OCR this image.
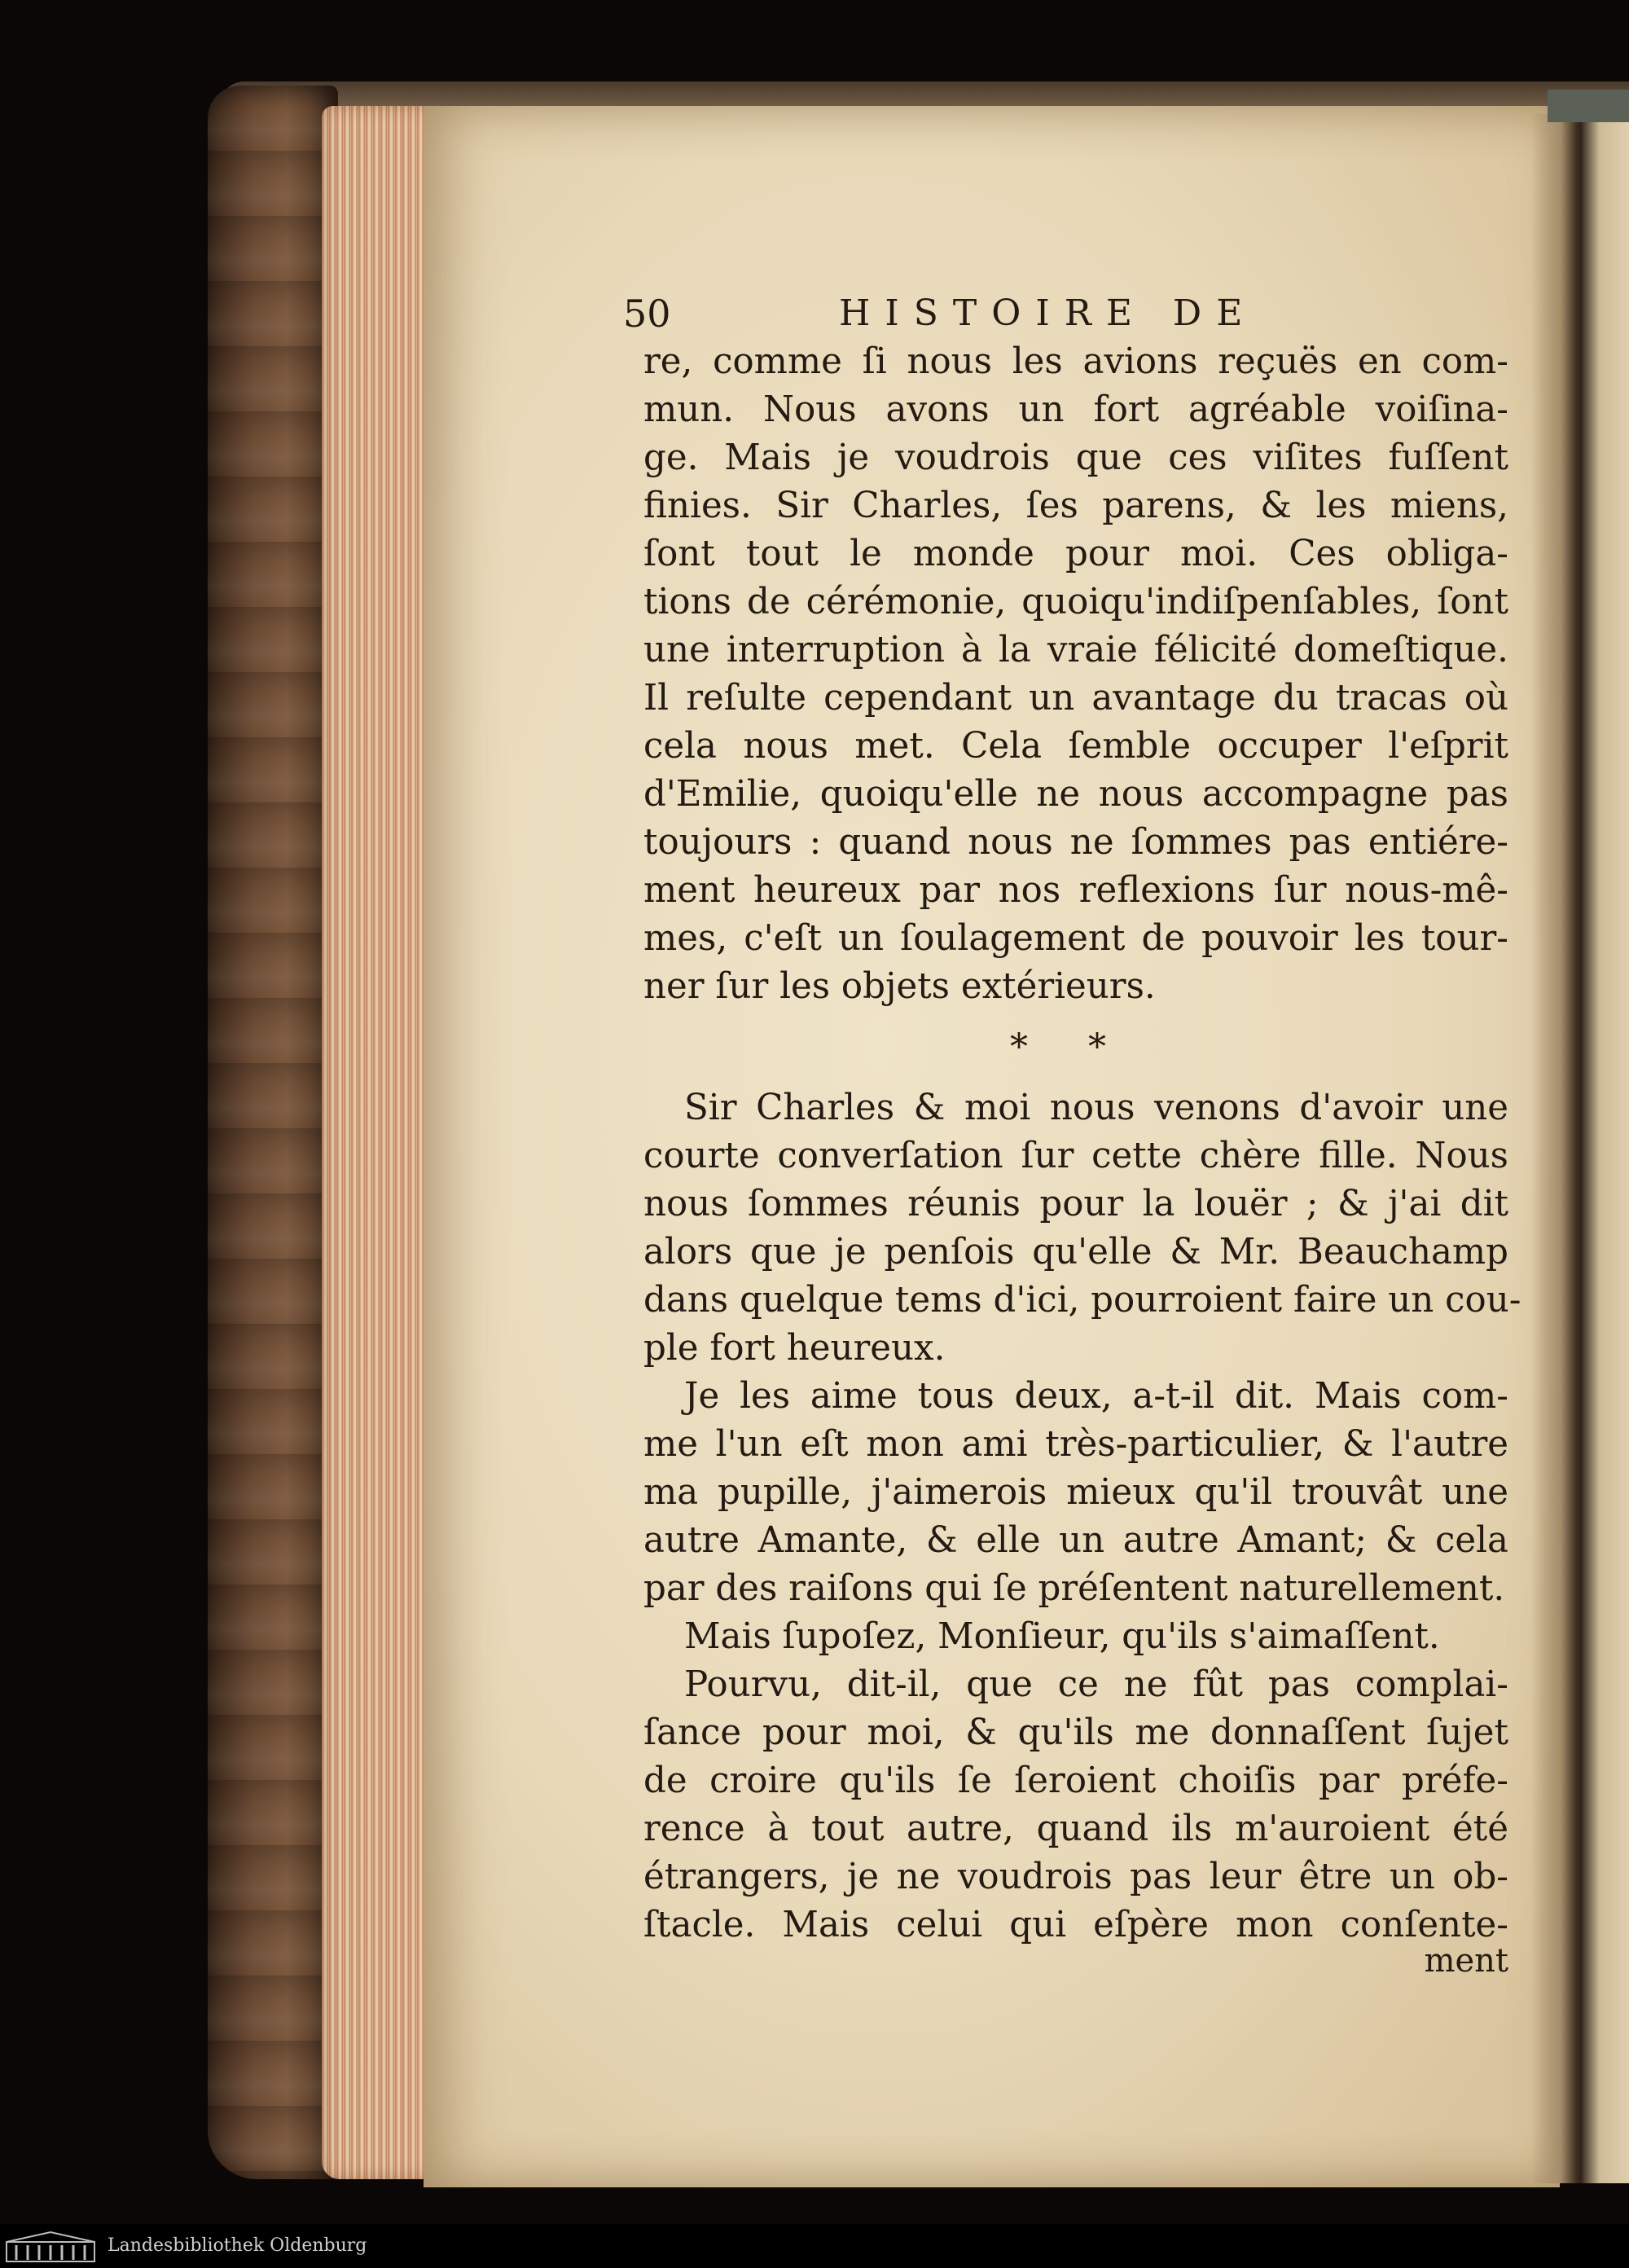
50	HISTOIRE DE
re, comme ſi nous les avions reçuës en com-
mun. Nous avons un fort agréable voiſina-
ge. Mais je voudrois que ces viſites fuſſent
finies. Sir Charles, ſes parens, & les miens,
ſont tout le monde pour moi. Ces obliga-
tions de cérémonie, quoiqu'indiſpenſables, ſont
une interruption à la vraie félicité domeſtique.
Il reſulte cependant un avantage du tracas où
cela nous met. Cela ſemble occuper l'eſprit
d'Emilie, quoiqu'elle ne nous accompagne pas
toujours : quand nous ne ſommes pas entiére-
ment heureux par nos reflexions ſur nous-mê-
mes, c'eſt un ſoulagement de pouvoir les tour-
ner ſur les objets extérieurs.
* *
Sir Charles & moi nous venons d'avoir une
courte converſation ſur cette chère fille. Nous
nous ſommes réunis pour la louër ; & j'ai dit
alors que je penſois qu'elle & Mr. Beauchamp
dans quelque tems d'ici, pourroient faire un cou-
ple fort heureux.
Je les aime tous deux, a-t-il dit. Mais com-
me l'un eſt mon ami très-particulier, & l'autre
ma pupille, j'aimerois mieux qu'il trouvât une
autre Amante, & elle un autre Amant; & cela
par des raiſons qui ſe préſentent naturellement.
Mais ſupoſez, Monſieur, qu'ils s'aimaſſent.
Pourvu, dit-il, que ce ne fût pas complai-
ſance pour moi, & qu'ils me donnaſſent ſujet
de croire qu'ils ſe ſeroient choiſis par préfe-
rence à tout autre, quand ils m'auroient été
étrangers, je ne voudrois pas leur être un ob-
ſtacle. Mais celui qui eſpère mon conſente-
ment
Landesbibliothek Oldenburg
